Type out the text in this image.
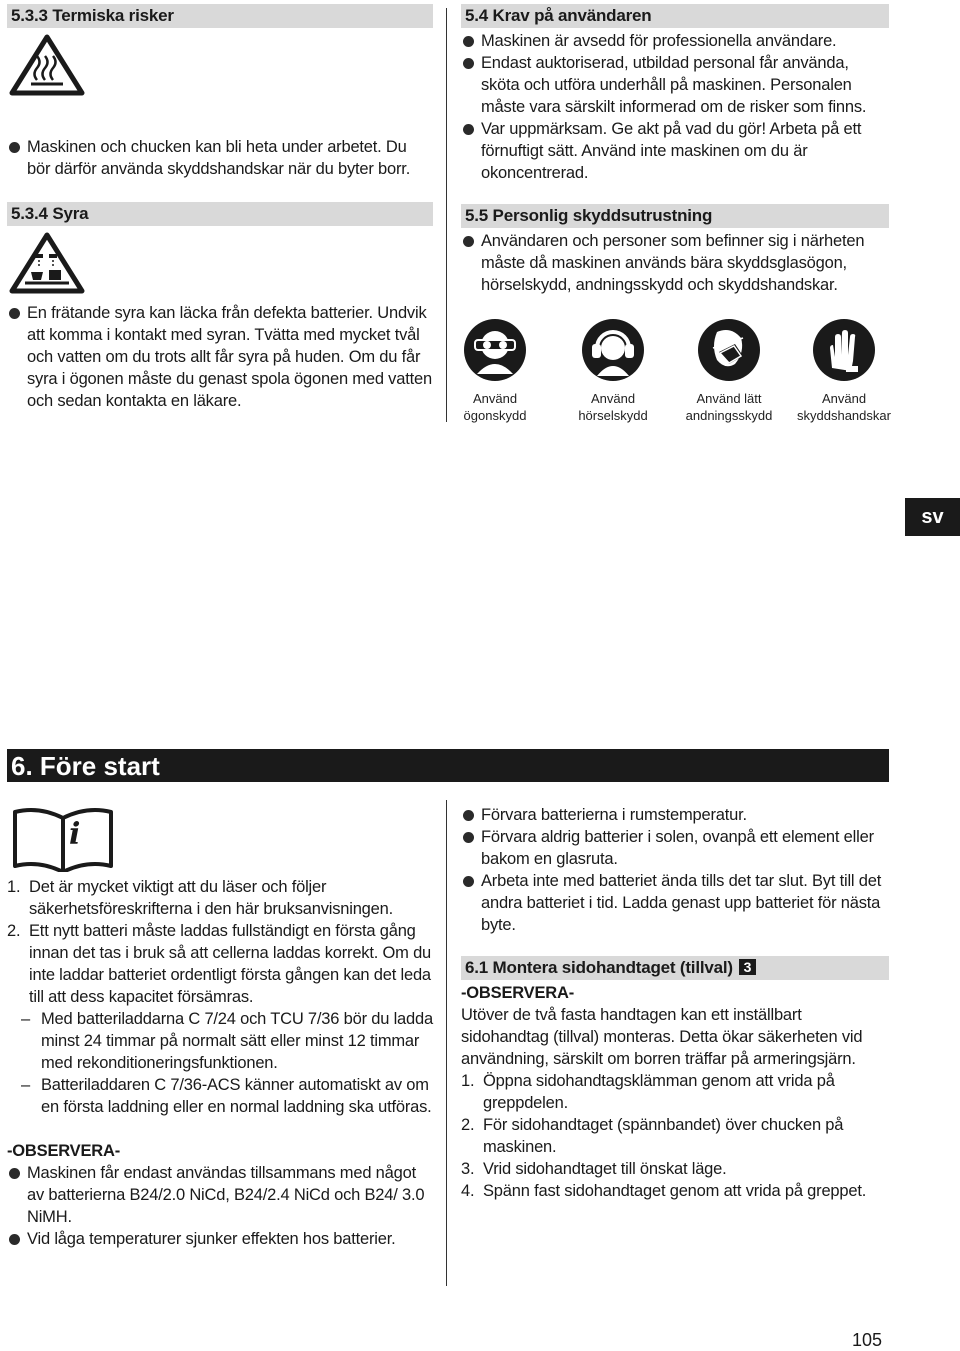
5.3.3 Termiska risker

Maskinen och chucken kan bli heta under arbetet. Du bör därför använda skyddshandskar när du byter borr.

5.3.4 Syra

En frätande syra kan läcka från defekta batterier. Undvik att komma i kontakt med syran. Tvätta med mycket tvål och vatten om du trots allt får syra på huden. Om du får syra i ögonen måste du genast spola ögonen med vatten och sedan kontakta en läkare.

5.4 Krav på användaren

Maskinen är avsedd för professionella användare.

Endast auktoriserad, utbildad personal får använda, sköta och utföra underhåll på maskinen. Personalen måste vara särskilt informerad om de risker som finns.

Var uppmärksam. Ge akt på vad du gör! Arbeta på ett förnuftigt sätt. Använd inte maskinen om du är okoncentrerad.

5.5 Personlig skyddsutrustning

Användaren och personer som befinner sig i närheten måste då maskinen används bära skyddsglasögon, hörselskydd, andningsskydd och skyddshandskar.

Använd
ögonskydd
Använd
hörselskydd
Använd lätt
andningsskydd
Använd
skyddshandskar
sv
6. Före start
i

1. Det är mycket viktigt att du läser och följer säkerhetsföreskrifterna i den här bruksanvisningen.

2. Ett nytt batteri måste laddas fullständigt en första gång innan det tas i bruk så att cellerna laddas korrekt. Om du inte laddar batteriet ordentligt första gången kan det leda till att dess kapacitet försämras.

– Med batteriladdarna C 7/24 och TCU 7/36 bör du ladda minst 24 timmar på normalt sätt eller minst 12 timmar med rekonditioneringsfunktionen.

– Batteriladdaren C 7/36-ACS känner automatiskt av om en första laddning eller en normal laddning ska utföras.

-OBSERVERA-

Maskinen får endast användas tillsammans med något av batterierna B24/2.0 NiCd, B24/2.4 NiCd och B24/ 3.0 NiMH.

Vid låga temperaturer sjunker effekten hos batterier.

Förvara batterierna i rumstemperatur.

Förvara aldrig batterier i solen, ovanpå ett element eller bakom en glasruta.

Arbeta inte med batteriet ända tills det tar slut. Byt till det andra batteriet i tid. Ladda genast upp batteriet för nästa byte.

6.1 Montera sidohandtaget (tillval) 3

-OBSERVERA-

Utöver de två fasta handtagen kan ett inställbart sidohandtag (tillval) monteras. Detta ökar säkerheten vid användning, särskilt om borren träffar på armeringsjärn.

1. Öppna sidohandtagsklämman genom att vrida på greppdelen.

2. För sidohandtaget (spännbandet) över chucken på maskinen.

3. Vrid sidohandtaget till önskat läge.

4. Spänn fast sidohandtaget genom att vrida på greppet.

105
